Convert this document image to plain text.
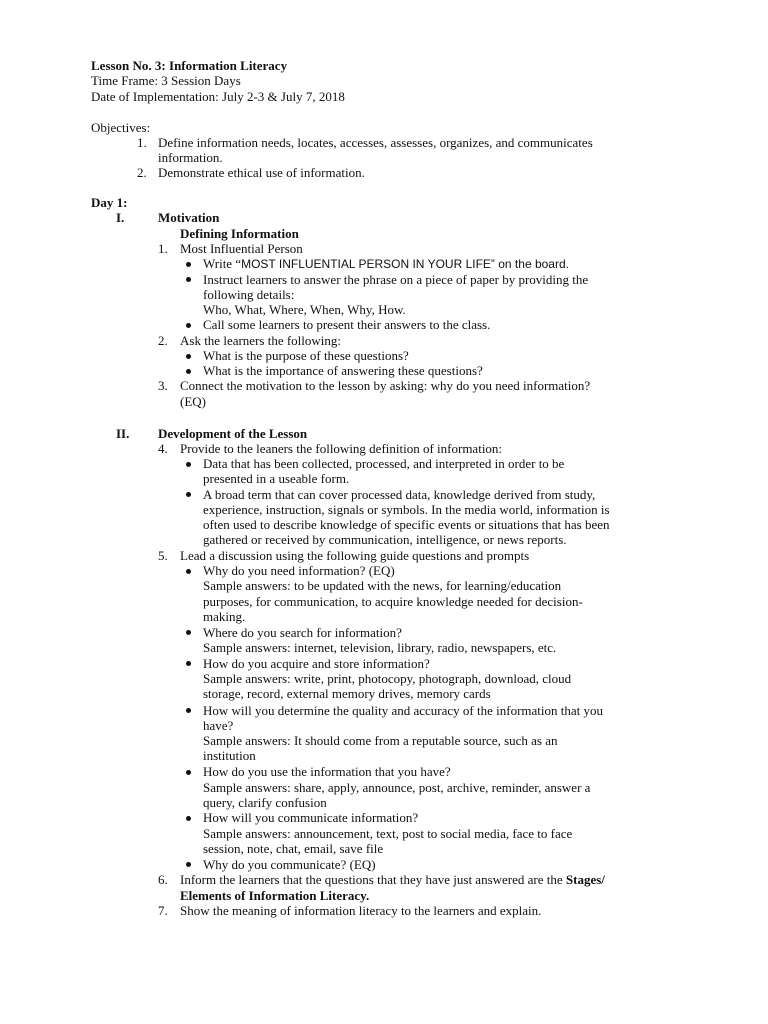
Lesson No. 3: Information Literacy
Time Frame: 3 Session Days
Date of Implementation: July 2-3 & July 7, 2018
Objectives:
1. Define information needs, locates, accesses, assesses, organizes, and communicates
information.
2. Demonstrate ethical use of information.
Day 1:
I.	Motivation
Defining Information
1. Most Influential Person
Write “MOST INFLUENTIAL PERSON IN YOUR LIFE” on the board.
Instruct learners to answer the phrase on a piece of paper by providing the
following details:
Who, What, Where, When, Why, How.
Call some learners to present their answers to the class.
2. Ask the learners the following:
What is the purpose of these questions?
What is the importance of answering these questions?
3. Connect the motivation to the lesson by asking: why do you need information?
(EQ)
II. Development of the Lesson
4. Provide to the leaners the following definition of information:
Data that has been collected, processed, and interpreted in order to be
presented in a useable form.
A broad term that can cover processed data, knowledge derived from study,
experience, instruction, signals or symbols. In the media world, information is
often used to describe knowledge of specific events or situations that has been
gathered or received by communication, intelligence, or news reports.
5. Lead a discussion using the following guide questions and prompts
Why do you need information? (EQ)
Sample answers: to be updated with the news, for learning/education
purposes, for communication, to acquire knowledge needed for decision-
making.
Where do you search for information?
Sample answers: internet, television, library, radio, newspapers, etc.
How do you acquire and store information?
Sample answers: write, print, photocopy, photograph, download, cloud
storage, record, external memory drives, memory cards
How will you determine the quality and accuracy of the information that you
have?
Sample answers: It should come from a reputable source, such as an
institution
How do you use the information that you have?
Sample answers: share, apply, announce, post, archive, reminder, answer a
query, clarify confusion
How will you communicate information?
Sample answers: announcement, text, post to social media, face to face
session, note, chat, email, save file
Why do you communicate? (EQ)
6. Inform the learners that the questions that they have just answered are the Stages/
Elements of Information Literacy.
7. Show the meaning of information literacy to the learners and explain.
